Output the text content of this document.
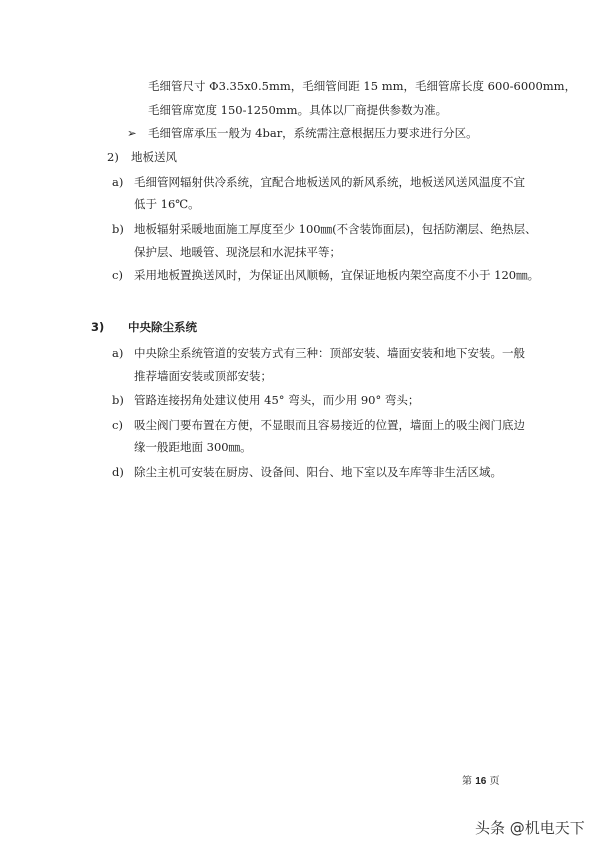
毛细管尺寸 Φ3.35x0.5mm，毛细管间距 15 mm，毛细管席长度 600-6000mm，
毛细管席宽度 150-1250mm。具体以厂商提供参数为准。
➢ 毛细管席承压一般为 4bar，系统需注意根据压力要求进行分区。
2) 地板送风
a) 毛细管网辐射供冷系统，宜配合地板送风的新风系统，地板送风送风温度不宜
低于 16℃。
b) 地板辐射采暖地面施工厚度至少 100㎜(不含装饰面层)，包括防潮层、绝热层、
保护层、地暖管、现浇层和水泥抹平等；
c) 采用地板置换送风时，为保证出风顺畅，宜保证地板内架空高度不小于 120㎜。
3) 中央除尘系统
a) 中央除尘系统管道的安装方式有三种：顶部安装、墙面安装和地下安装。一般
推荐墙面安装或顶部安装；
b) 管路连接拐角处建议使用 45° 弯头，而少用 90° 弯头；
c) 吸尘阀门要布置在方便，不显眼而且容易接近的位置，墙面上的吸尘阀门底边
缘一般距地面 300㎜。
d) 除尘主机可安装在厨房、设备间、阳台、地下室以及车库等非生活区域。
第 16 页
头条 @机电天下
